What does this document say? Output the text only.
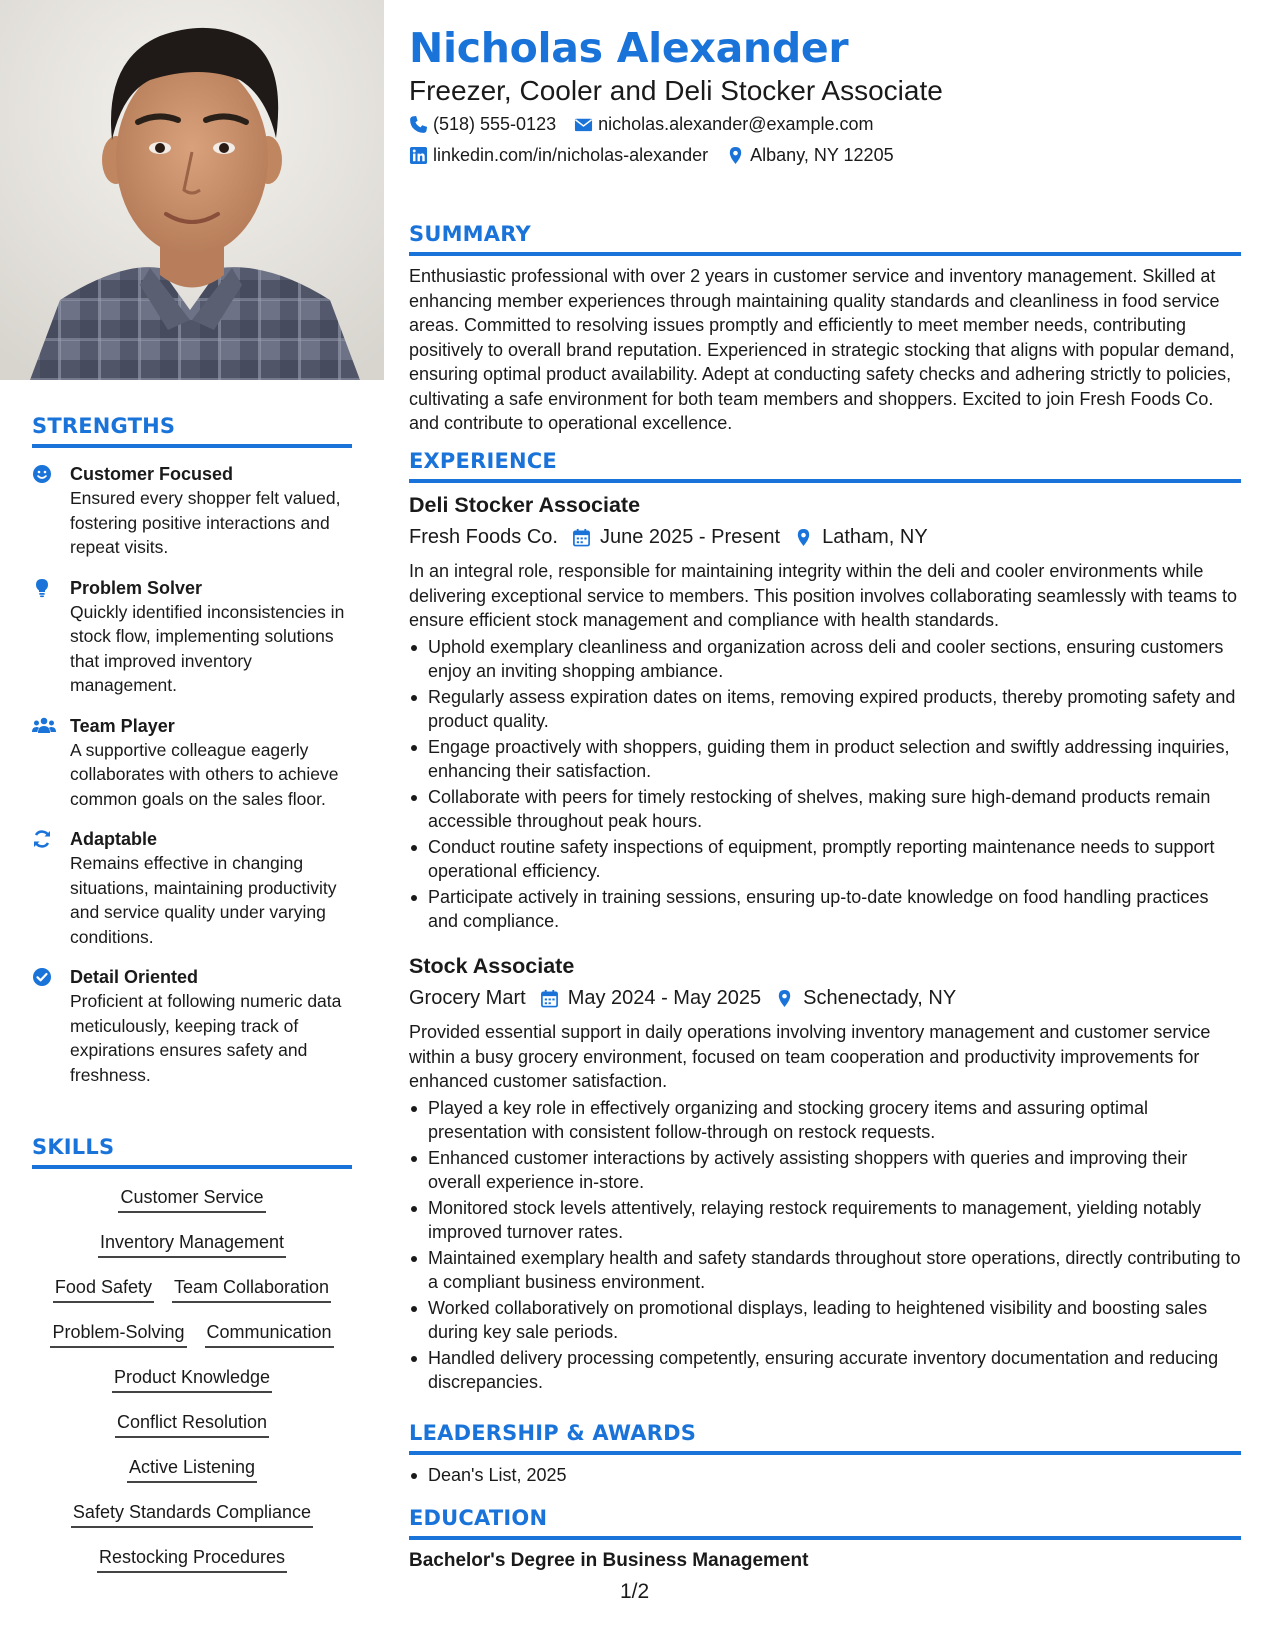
STRENGTHS
Customer Focused
Ensured every shopper felt valued, fostering positive interactions and repeat visits.
Problem Solver
Quickly identified inconsistencies in stock flow, implementing solutions that improved inventory management.
Team Player
A supportive colleague eagerly collaborates with others to achieve common goals on the sales floor.
Adaptable
Remains effective in changing situations, maintaining productivity and service quality under varying conditions.
Detail Oriented
Proficient at following numeric data meticulously, keeping track of expirations ensures safety and freshness.
SKILLS
Customer Service
Inventory Management
Food Safety Team Collaboration
Problem-Solving Communication
Product Knowledge
Conflict Resolution
Active Listening
Safety Standards Compliance
Restocking Procedures
Nicholas Alexander
Freezer, Cooler and Deli Stocker Associate
(518) 555-0123 nicholas.alexander@example.com
linkedin.com/in/nicholas-alexander Albany, NY 12205
SUMMARY
Enthusiastic professional with over 2 years in customer service and inventory management. Skilled at enhancing member experiences through maintaining quality standards and cleanliness in food service areas. Committed to resolving issues promptly and efficiently to meet member needs, contributing positively to overall brand reputation. Experienced in strategic stocking that aligns with popular demand, ensuring optimal product availability. Adept at conducting safety checks and adhering strictly to policies, cultivating a safe environment for both team members and shoppers. Excited to join Fresh Foods Co. and contribute to operational excellence.
EXPERIENCE
Deli Stocker Associate
Fresh Foods Co. June 2025 - Present Latham, NY
In an integral role, responsible for maintaining integrity within the deli and cooler environments while delivering exceptional service to members. This position involves collaborating seamlessly with teams to ensure efficient stock management and compliance with health standards.
Uphold exemplary cleanliness and organization across deli and cooler sections, ensuring customers enjoy an inviting shopping ambiance.
Regularly assess expiration dates on items, removing expired products, thereby promoting safety and product quality.
Engage proactively with shoppers, guiding them in product selection and swiftly addressing inquiries, enhancing their satisfaction.
Collaborate with peers for timely restocking of shelves, making sure high-demand products remain accessible throughout peak hours.
Conduct routine safety inspections of equipment, promptly reporting maintenance needs to support operational efficiency.
Participate actively in training sessions, ensuring up-to-date knowledge on food handling practices and compliance.
Stock Associate
Grocery Mart May 2024 - May 2025 Schenectady, NY
Provided essential support in daily operations involving inventory management and customer service within a busy grocery environment, focused on team cooperation and productivity improvements for enhanced customer satisfaction.
Played a key role in effectively organizing and stocking grocery items and assuring optimal presentation with consistent follow-through on restock requests.
Enhanced customer interactions by actively assisting shoppers with queries and improving their overall experience in-store.
Monitored stock levels attentively, relaying restock requirements to management, yielding notably improved turnover rates.
Maintained exemplary health and safety standards throughout store operations, directly contributing to a compliant business environment.
Worked collaboratively on promotional displays, leading to heightened visibility and boosting sales during key sale periods.
Handled delivery processing competently, ensuring accurate inventory documentation and reducing discrepancies.
LEADERSHIP & AWARDS
Dean's List, 2025
EDUCATION
Bachelor's Degree in Business Management
1/2
